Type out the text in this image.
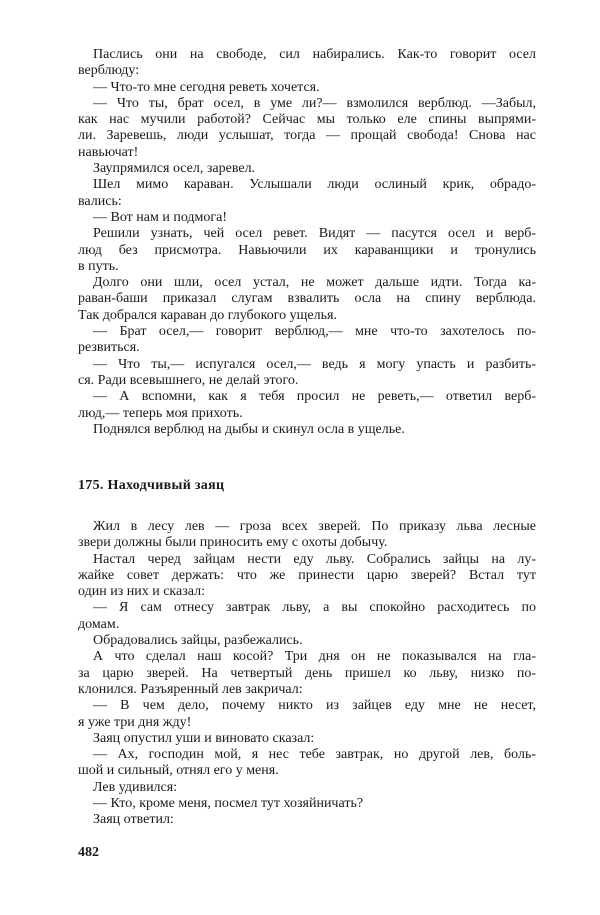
Паслись они на свободе, сил набирались. Как-то говорит осел
верблюду:
— Что-то мне сегодня реветь хочется.
— Что ты, брат осел, в уме ли?— взмолился верблюд. —Забыл,
как нас мучили работой? Сейчас мы только еле спины выпрями-
ли. Заревешь, люди услышат, тогда — прощай свобода! Снова нас
навьючат!
Заупрямился осел, заревел.
Шел мимо караван. Услышали люди ослиный крик, обрадо-
вались:
— Вот нам и подмога!
Решили узнать, чей осел ревет. Видят — пасутся осел и верб-
люд без присмотра. Навьючили их караванщики и тронулись
в путь.
Долго они шли, осел устал, не может дальше идти. Тогда ка-
раван-баши приказал слугам взвалить осла на спину верблюда.
Так добрался караван до глубокого ущелья.
— Брат осел,— говорит верблюд,— мне что-то захотелось по-
резвиться.
— Что ты,— испугался осел,— ведь я могу упасть и разбить-
ся. Ради всевышнего, не делай этого.
— А вспомни, как я тебя просил не реветь,— ответил верб-
люд,— теперь моя прихоть.
Поднялся верблюд на дыбы и скинул осла в ущелье.
175. Находчивый заяц
Жил в лесу лев — гроза всех зверей. По приказу льва лесные
звери должны были приносить ему с охоты добычу.
Настал черед зайцам нести еду льву. Собрались зайцы на лу-
жайке совет держать: что же принести царю зверей? Встал тут
один из них и сказал:
— Я сам отнесу завтрак льву, а вы спокойно расходитесь по
домам.
Обрадовались зайцы, разбежались.
А что сделал наш косой? Три дня он не показывался на гла-
за царю зверей. На четвертый день пришел ко льву, низко по-
клонился. Разъяренный лев закричал:
— В чем дело, почему никто из зайцев еду мне не несет,
я уже три дня жду!
Заяц опустил уши и виновато сказал:
— Ах, господин мой, я нес тебе завтрак, но другой лев, боль-
шой и сильный, отнял его у меня.
Лев удивился:
— Кто, кроме меня, посмел тут хозяйничать?
Заяц ответил:
482
